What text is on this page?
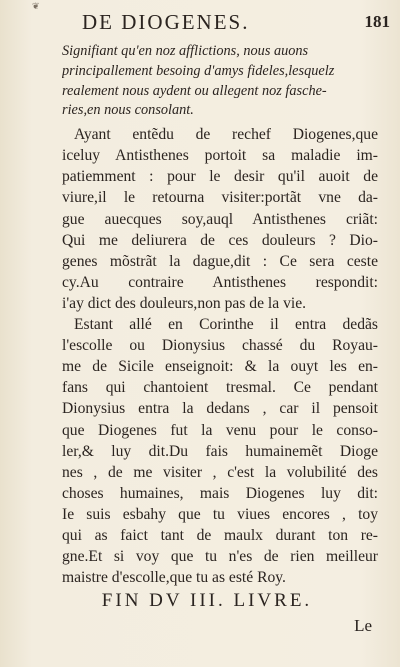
❦
DE DIOGENES.	181
Signifiant qu'en noz afflictions, nous auons
principallement besoing d'amys fideles,lesquelz
realement nous aydent ou allegent noz fasche-
ries,en nous consolant.
Ayant entẽdu de rechef Diogenes,que
iceluy Antisthenes portoit sa maladie im-
patiemment : pour le desir qu'il auoit de
viure,il le retourna visiter:portãt vne da-
gue auecques soy,auql Antisthenes criãt:
Qui me deliurera de ces douleurs ? Dio-
genes mõstrãt la dague,dit : Ce sera ceste
cy.Au contraire Antisthenes respondit:
i'ay dict des douleurs,non pas de la vie.
Estant allé en Corinthe il entra dedãs
l'escolle ou Dionysius chassé du Royau-
me de Sicile enseignoit: & la ouyt les en-
fans qui chantoient tresmal. Ce pendant
Dionysius entra la dedans , car il pensoit
que Diogenes fut la venu pour le conso-
ler,& luy dit.Du fais humainemẽt Dioge
nes , de me visiter , c'est la volubilité des
choses humaines, mais Diogenes luy dit:
Ie suis esbahy que tu viues encores , toy
qui as faict tant de maulx durant ton re-
gne.Et si voy que tu n'es de rien meilleur
maistre d'escolle,que tu as esté Roy.
FIN DV III. LIVRE.
Le
